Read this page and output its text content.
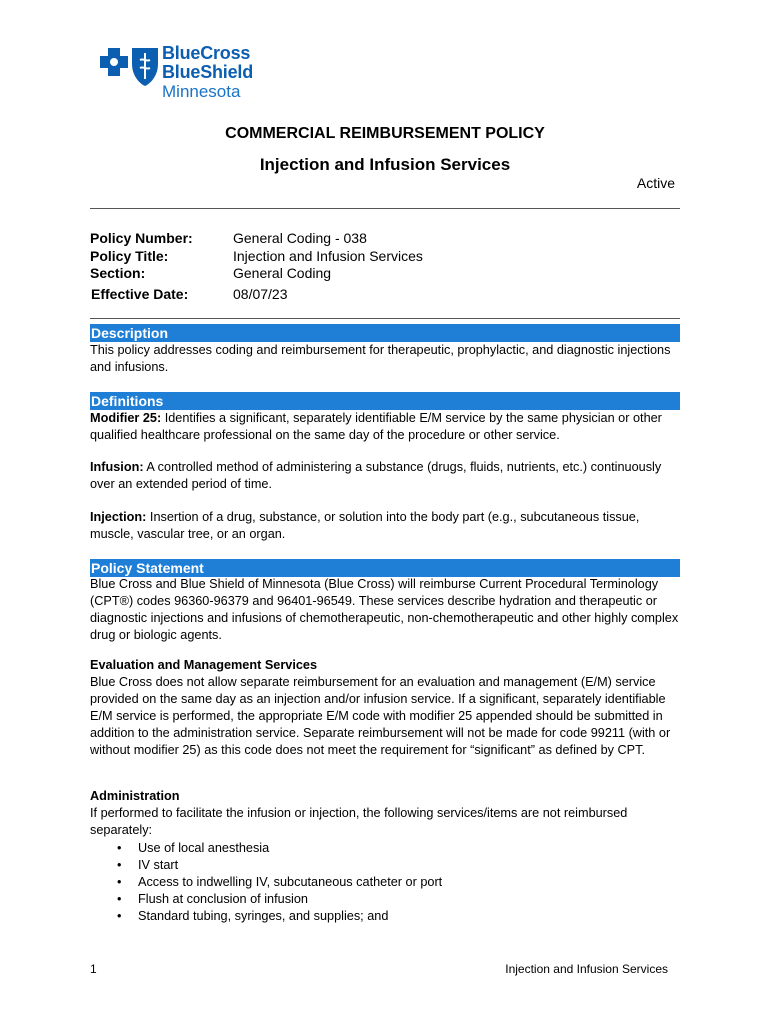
BlueCross
BlueShield
Minnesota
COMMERCIAL REIMBURSEMENT POLICY
Injection and Infusion Services
Active
Policy Number:	General Coding - 038
Policy Title:	Injection and Infusion Services
Section:	General Coding
Effective Date:	08/07/23
Description
This policy addresses coding and reimbursement for therapeutic, prophylactic, and diagnostic injections and infusions.
Definitions
Modifier 25: Identifies a significant, separately identifiable E/M service by the same physician or other qualified healthcare professional on the same day of the procedure or other service.
Infusion: A controlled method of administering a substance (drugs, fluids, nutrients, etc.) continuously over an extended period of time.
Injection: Insertion of a drug, substance, or solution into the body part (e.g., subcutaneous tissue, muscle, vascular tree, or an organ.
Policy Statement
Blue Cross and Blue Shield of Minnesota (Blue Cross) will reimburse Current Procedural Terminology (CPT®) codes 96360-96379 and 96401-96549. These services describe hydration and therapeutic or diagnostic injections and infusions of chemotherapeutic, non-chemotherapeutic and other highly complex drug or biologic agents.
Evaluation and Management Services
Blue Cross does not allow separate reimbursement for an evaluation and management (E/M) service provided on the same day as an injection and/or infusion service. If a significant, separately identifiable E/M service is performed, the appropriate E/M code with modifier 25 appended should be submitted in addition to the administration service. Separate reimbursement will not be made for code 99211 (with or without modifier 25) as this code does not meet the requirement for “significant” as defined by CPT.
Administration
If performed to facilitate the infusion or injection, the following services/items are not reimbursed separately:
• Use of local anesthesia
• IV start
• Access to indwelling IV, subcutaneous catheter or port
• Flush at conclusion of infusion
• Standard tubing, syringes, and supplies; and
1	Injection and Infusion Services
